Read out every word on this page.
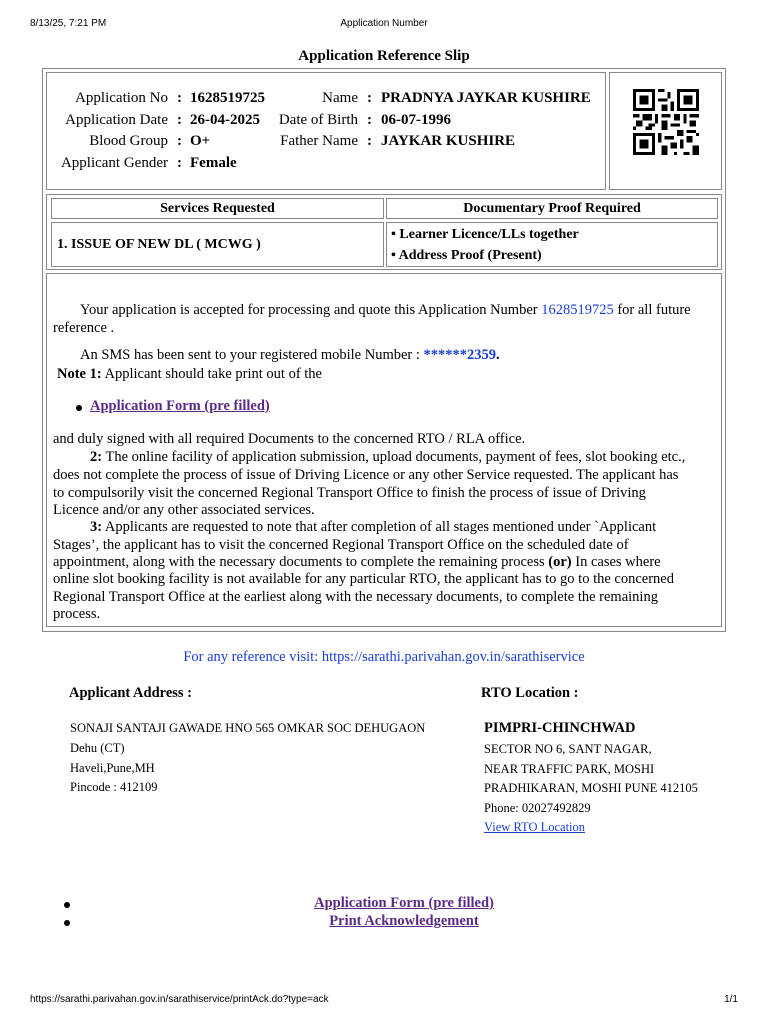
8/13/25, 7:21 PM	Application Number
Application Reference Slip
Application No : 1628519725
Application Date : 26-04-2025
Blood Group : O+
Applicant Gender : Female
Name : PRADNYA JAYKAR KUSHIRE
Date of Birth : 06-07-1996
Father Name : JAYKAR KUSHIRE
Services Requested	Documentary Proof Required
1. ISSUE OF NEW DL ( MCWG )
• Learner Licence/LLs together
• Address Proof (Present)
Your application is accepted for processing and quote this Application Number 1628519725 for all future
reference .
An SMS has been sent to your registered mobile Number : ******2359.
Note 1: Applicant should take print out of the
Application Form (pre filled)
and duly signed with all required Documents to the concerned RTO / RLA office.
2: The online facility of application submission, upload documents, payment of fees, slot booking etc.,
does not complete the process of issue of Driving Licence or any other Service requested. The applicant has
to compulsorily visit the concerned Regional Transport Office to finish the process of issue of Driving
Licence and/or any other associated services.
3: Applicants are requested to note that after completion of all stages mentioned under `Applicant
Stages’, the applicant has to visit the concerned Regional Transport Office on the scheduled date of
appointment, along with the necessary documents to complete the remaining process (or) In cases where
online slot booking facility is not available for any particular RTO, the applicant has to go to the concerned
Regional Transport Office at the earliest along with the necessary documents, to complete the remaining
process.
For any reference visit: https://sarathi.parivahan.gov.in/sarathiservice
Applicant Address :
SONAJI SANTAJI GAWADE HNO 565 OMKAR SOC DEHUGAON
Dehu (CT)
Haveli,Pune,MH
Pincode : 412109
RTO Location :
PIMPRI-CHINCHWAD
SECTOR NO 6, SANT NAGAR,
NEAR TRAFFIC PARK, MOSHI
PRADHIKARAN, MOSHI PUNE 412105
Phone: 02027492829
View RTO Location
Application Form (pre filled)
Print Acknowledgement
https://sarathi.parivahan.gov.in/sarathiservice/printAck.do?type=ack	1/1
